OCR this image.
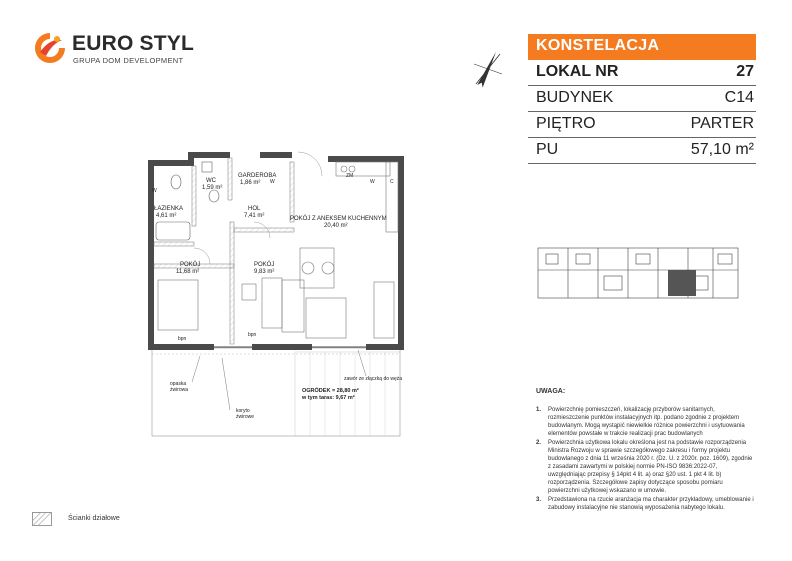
EURO STYL
GRUPA DOM DEVELOPMENT
KONSTELACJA
LOKAL NR	27
BUDYNEK	C14
PIĘTRO	PARTER
PU	57,10 m²
WC
1,59 m²
GARDEROBA
1,86 m²
ŁAZIENKA
4,61 m²
HOL
7,41 m²	POKÓJ Z ANEKSEM KUCHENNYM
20,40 m²
POKÓJ
11,68 m²
POKÓJ
9,83 m²
W
W	W
ZM
C
bpn
bpn
OGRÓDEK = 28,80 m²
w tym taras: 9,67 m²
opaska
żwirowa
koryto
żwirowe
zawór ze złączką do węża
UWAGA:
1. Powierzchnię pomieszczeń, lokalizację przyborów sanitarnych, rozmieszczenie punktów instalacyjnych itp. podano zgodnie z projektem budowlanym. Mogą wystąpić niewielkie różnice powierzchni i usytuowania elementów powstałe w trakcie realizacji prac budowlanych
2. Powierzchnia użytkowa lokalu określona jest na podstawie rozporządzenia Ministra Rozwoju w sprawie szczegółowego zakresu i formy projektu budowlanego z dnia 11 września 2020 r. (Dz. U. z 2020r. poz. 1609), zgodnie z zasadami zawartymi w polskiej normie PN-ISO 9836:2022-07, uwzględniając przepisy § 14pkt 4 lit. a) oraz §20 ust. 1 pkt 4 lit. b) rozporządzenia. Szczegółowe zapisy dotyczące sposobu pomiaru powierzchni użytkowej wskazano w umowie.
3. Przedstawiona na rzucie aranżacja ma charakter przykładowy, umeblowanie i zabudowy instalacyjne nie stanowią wyposażenia nabytego lokalu.
Ścianki działowe
